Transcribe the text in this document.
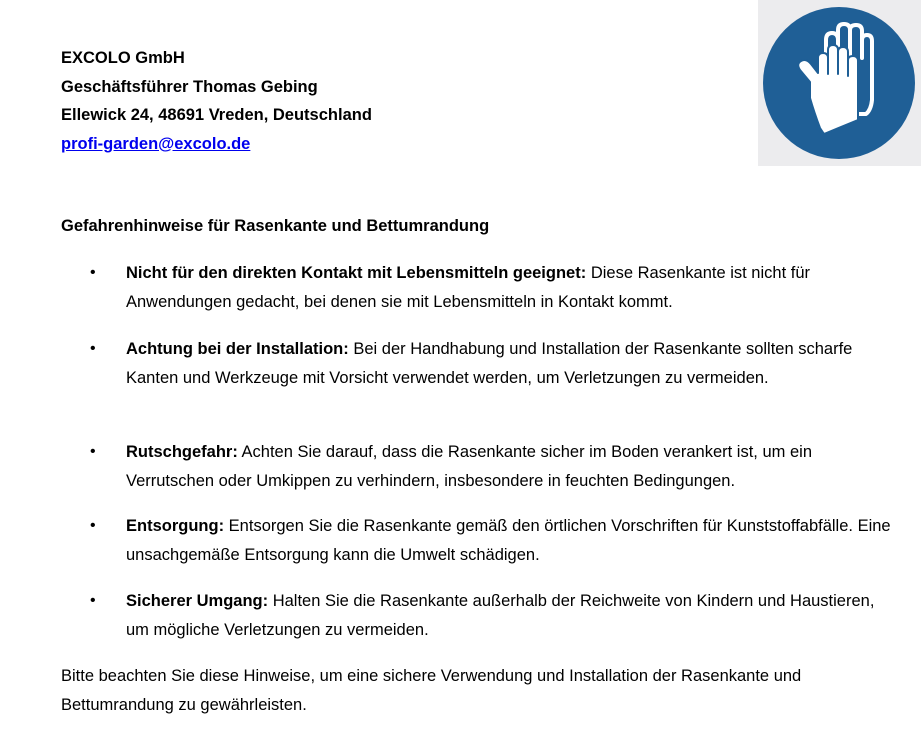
EXCOLO GmbH
Geschäftsführer Thomas Gebing
Ellewick 24, 48691 Vreden, Deutschland
profi-garden@excolo.de
Gefahrenhinweise für Rasenkante und Bettumrandung
• Nicht für den direkten Kontakt mit Lebensmitteln geeignet: Diese Rasenkante ist nicht für Anwendungen gedacht, bei denen sie mit Lebensmitteln in Kontakt kommt.
• Achtung bei der Installation: Bei der Handhabung und Installation der Rasenkante sollten scharfe Kanten und Werkzeuge mit Vorsicht verwendet werden, um Verletzungen zu vermeiden.
• Rutschgefahr: Achten Sie darauf, dass die Rasenkante sicher im Boden verankert ist, um ein Verrutschen oder Umkippen zu verhindern, insbesondere in feuchten Bedingungen.
• Entsorgung: Entsorgen Sie die Rasenkante gemäß den örtlichen Vorschriften für Kunststoffabfälle. Eine unsachgemäße Entsorgung kann die Umwelt schädigen.
• Sicherer Umgang: Halten Sie die Rasenkante außerhalb der Reichweite von Kindern und Haustieren, um mögliche Verletzungen zu vermeiden.
Bitte beachten Sie diese Hinweise, um eine sichere Verwendung und Installation der Rasenkante und Bettumrandung zu gewährleisten.
